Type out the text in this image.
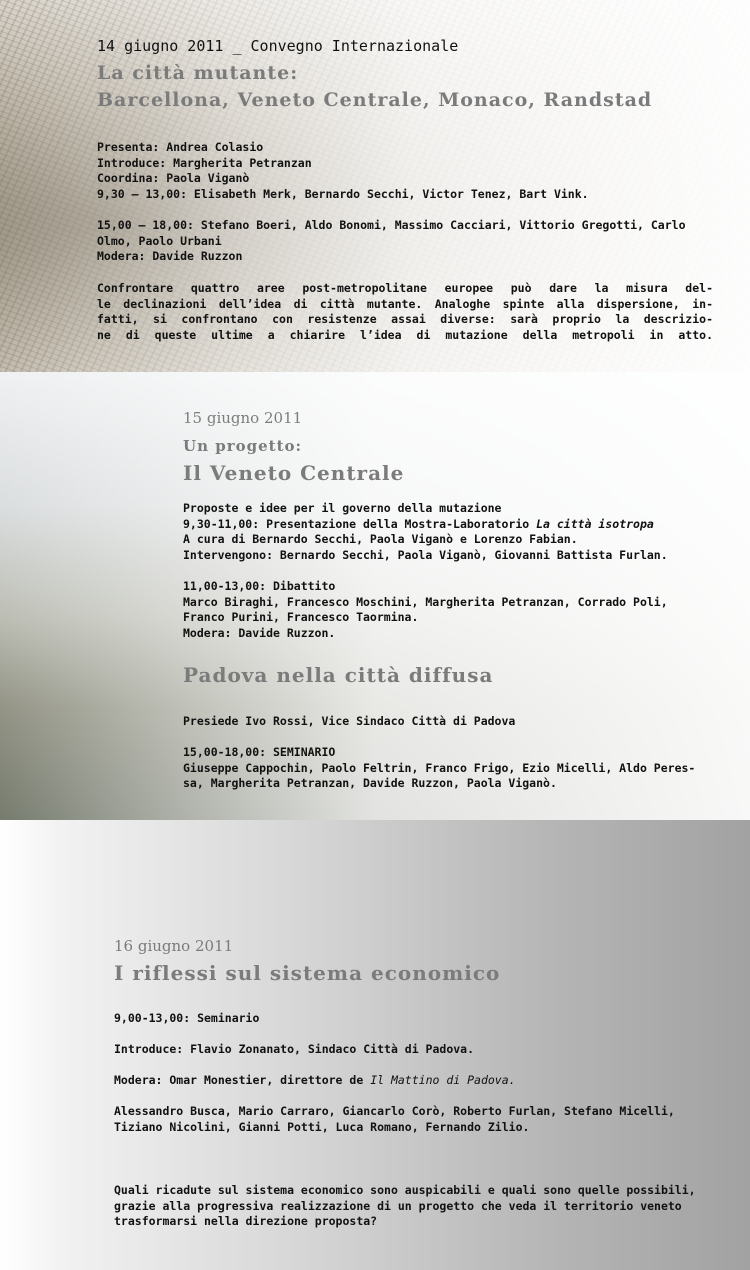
14 giugno 2011 _ Convegno Internazionale

La città mutante:

Barcellona, Veneto Centrale, Monaco, Randstad

Presenta: Andrea Colasio
Introduce: Margherita Petranzan
Coordina: Paola Viganò
9,30 – 13,00: Elisabeth Merk, Bernardo Secchi, Victor Tenez, Bart Vink.
15,00 – 18,00: Stefano Boeri, Aldo Bonomi, Massimo Cacciari, Vittorio Gregotti, Carlo
Olmo, Paolo Urbani
Modera: Davide Ruzzon
Confrontare quattro aree post-metropolitane europee può dare la misura del-
le declinazioni dell’idea di città mutante. Analoghe spinte alla dispersione, in-
fatti, si confrontano con resistenze assai diverse: sarà proprio la descrizio-
ne di queste ultime a chiarire l’idea di mutazione della metropoli in atto.

15 giugno 2011

Un progetto:

Il Veneto Centrale

Proposte e idee per il governo della mutazione
9,30-11,00: Presentazione della Mostra-Laboratorio La città isotropa
A cura di Bernardo Secchi, Paola Viganò e Lorenzo Fabian.
Intervengono: Bernardo Secchi, Paola Viganò, Giovanni Battista Furlan.
11,00-13,00: Dibattito
Marco Biraghi, Francesco Moschini, Margherita Petranzan, Corrado Poli,
Franco Purini, Francesco Taormina.
Modera: Davide Ruzzon.

Padova nella città diffusa

Presiede Ivo Rossi, Vice Sindaco Città di Padova
15,00-18,00: SEMINARIO
Giuseppe Cappochin, Paolo Feltrin, Franco Frigo, Ezio Micelli, Aldo Peres-
sa, Margherita Petranzan, Davide Ruzzon, Paola Viganò.

16 giugno 2011

I riflessi sul sistema economico

9,00-13,00: Seminario
Introduce: Flavio Zonanato, Sindaco Città di Padova.
Modera: Omar Monestier, direttore de Il Mattino di Padova.
Alessandro Busca, Mario Carraro, Giancarlo Corò, Roberto Furlan, Stefano Micelli,
Tiziano Nicolini, Gianni Potti, Luca Romano, Fernando Zilio.
Quali ricadute sul sistema economico sono auspicabili e quali sono quelle possibili,
grazie alla progressiva realizzazione di un progetto che veda il territorio veneto
trasformarsi nella direzione proposta?
